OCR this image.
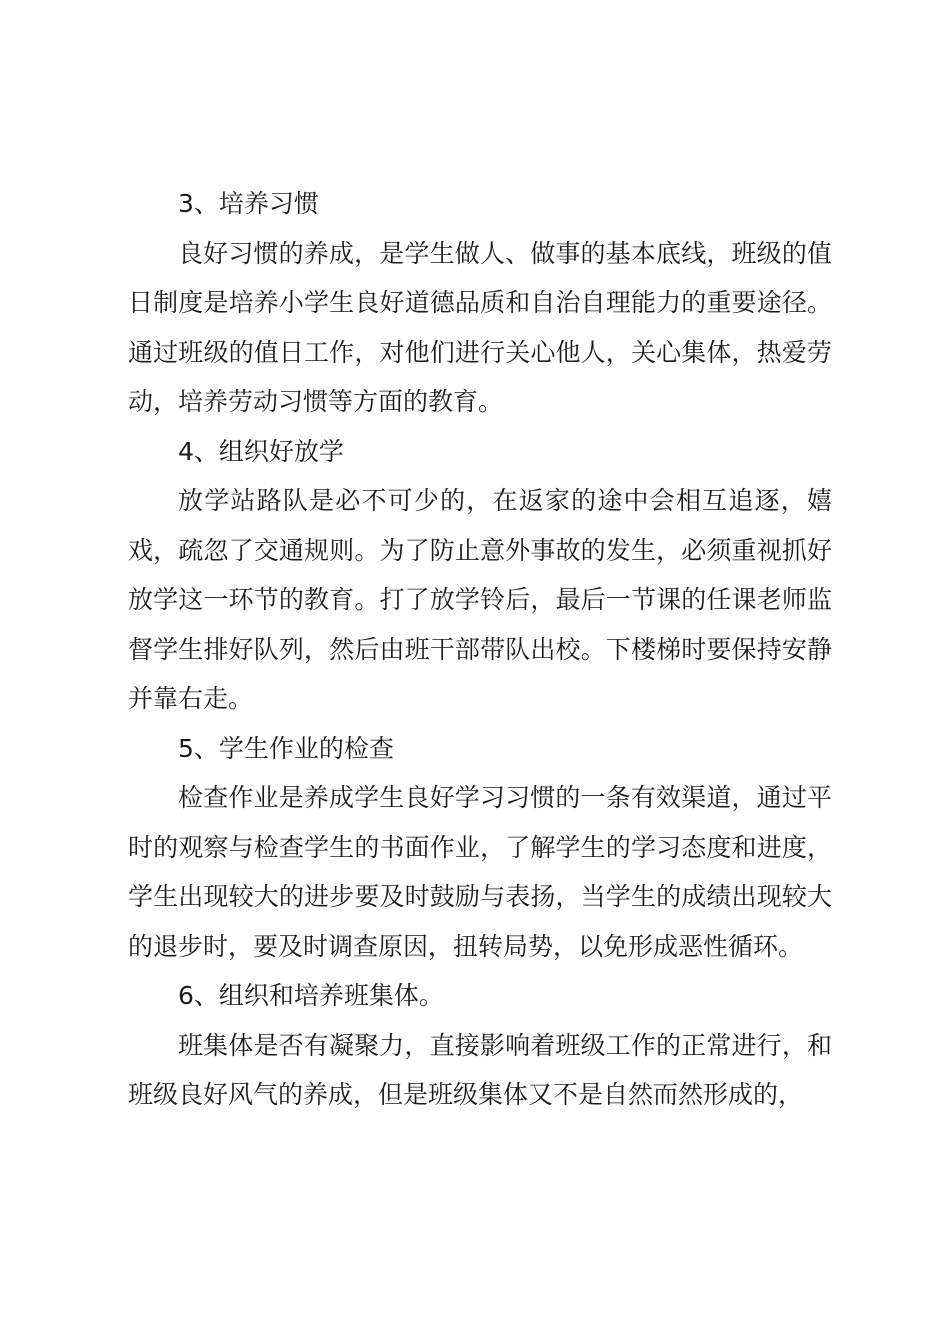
3、培养习惯

良好习惯的养成，是学生做人、做事的基本底线，班级的值日制度是培养小学生良好道德品质和自治自理能力的重要途径。通过班级的值日工作，对他们进行关心他人，关心集体，热爱劳动，培养劳动习惯等方面的教育。

4、组织好放学

放学站路队是必不可少的，在返家的途中会相互追逐，嬉戏，疏忽了交通规则。为了防止意外事故的发生，必须重视抓好放学这一环节的教育。打了放学铃后，最后一节课的任课老师监督学生排好队列，然后由班干部带队出校。下楼梯时要保持安静并靠右走。

5、学生作业的检查

检查作业是养成学生良好学习习惯的一条有效渠道，通过平时的观察与检查学生的书面作业，了解学生的学习态度和进度，学生出现较大的进步要及时鼓励与表扬，当学生的成绩出现较大的退步时，要及时调查原因，扭转局势，以免形成恶性循环。

6、组织和培养班集体。

班集体是否有凝聚力，直接影响着班级工作的正常进行，和班级良好风气的养成，但是班级集体又不是自然而然形成的，
